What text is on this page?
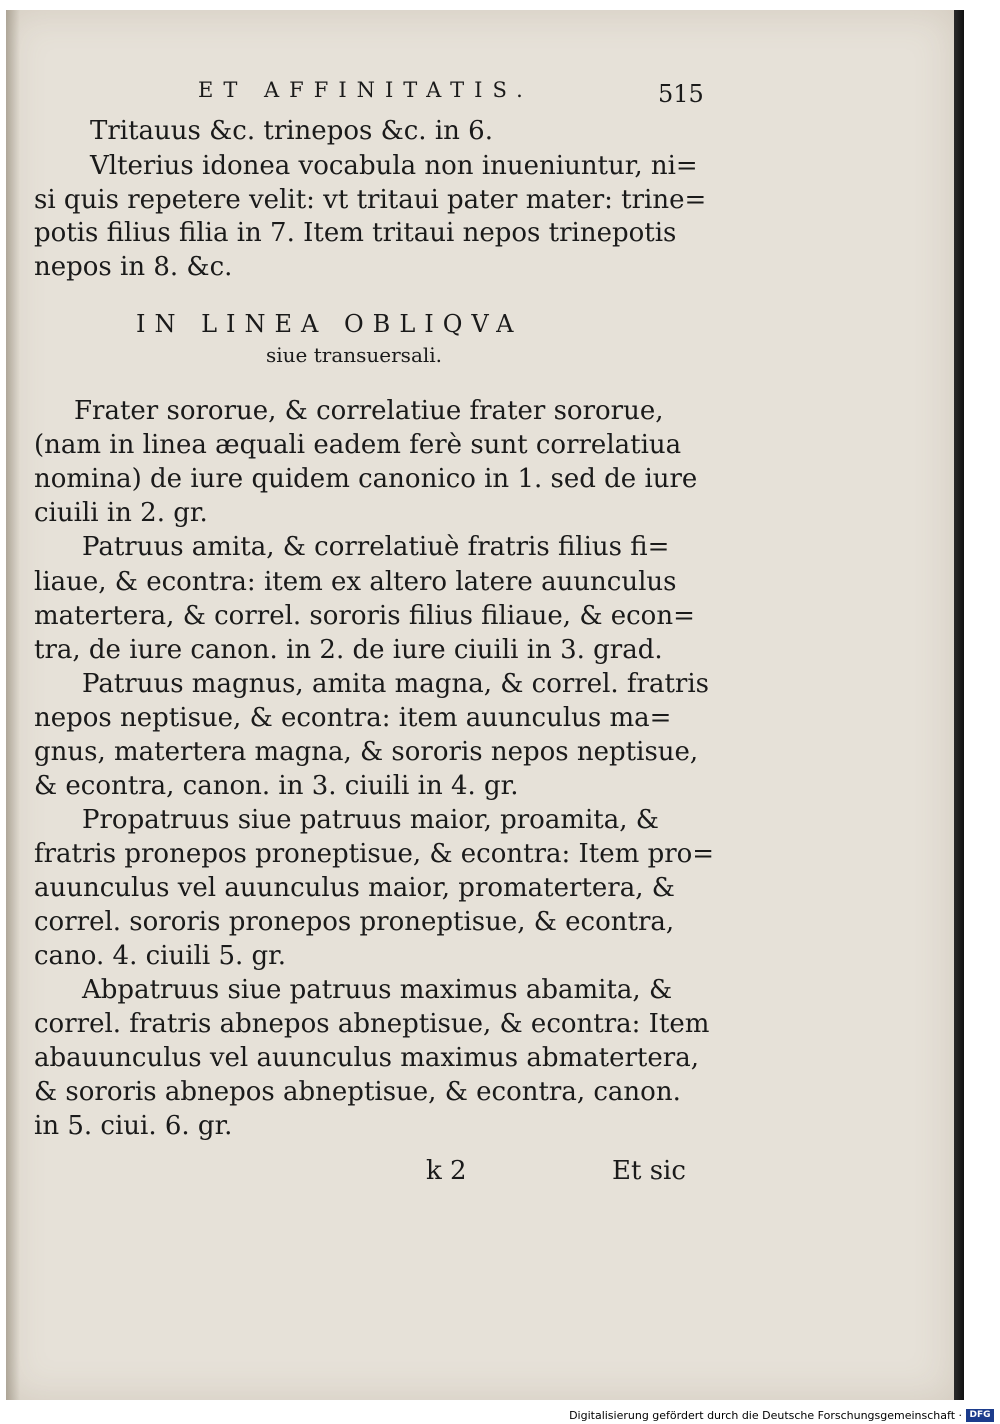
ET AFFINITATIS.	515
Tritauus &c. trinepos &c. in 6.
Vlterius idonea vocabula non inueniuntur, ni=
si quis repetere velit: vt tritaui pater mater: trine=
potis filius filia in 7. Item tritaui nepos trinepotis
nepos in 8. &c.
IN LINEA OBLIQVA
siue transuersali.
Frater sororue, & correlatiue frater sororue,
(nam in linea æquali eadem ferè sunt correlatiua
nomina) de iure quidem canonico in 1. sed de iure
ciuili in 2. gr.
Patruus amita, & correlatiuè fratris filius fi=
liaue, & econtra: item ex altero latere auunculus
matertera, & correl. sororis filius filiaue, & econ=
tra, de iure canon. in 2. de iure ciuili in 3. grad.
Patruus magnus, amita magna, & correl. fratris
nepos neptisue, & econtra: item auunculus ma=
gnus, matertera magna, & sororis nepos neptisue,
& econtra, canon. in 3. ciuili in 4. gr.
Propatruus siue patruus maior, proamita, &
fratris pronepos proneptisue, & econtra: Item pro=
auunculus vel auunculus maior, promatertera, &
correl. sororis pronepos proneptisue, & econtra,
cano. 4. ciuili 5. gr.
Abpatruus siue patruus maximus abamita, &
correl. fratris abnepos abneptisue, & econtra: Item
abauunculus vel auunculus maximus abmatertera,
& sororis abnepos abneptisue, & econtra, canon.
in 5. ciui. 6. gr.
k 2	Et sic
Digitalisierung gefördert durch die Deutsche Forschungsgemeinschaft · DFG
